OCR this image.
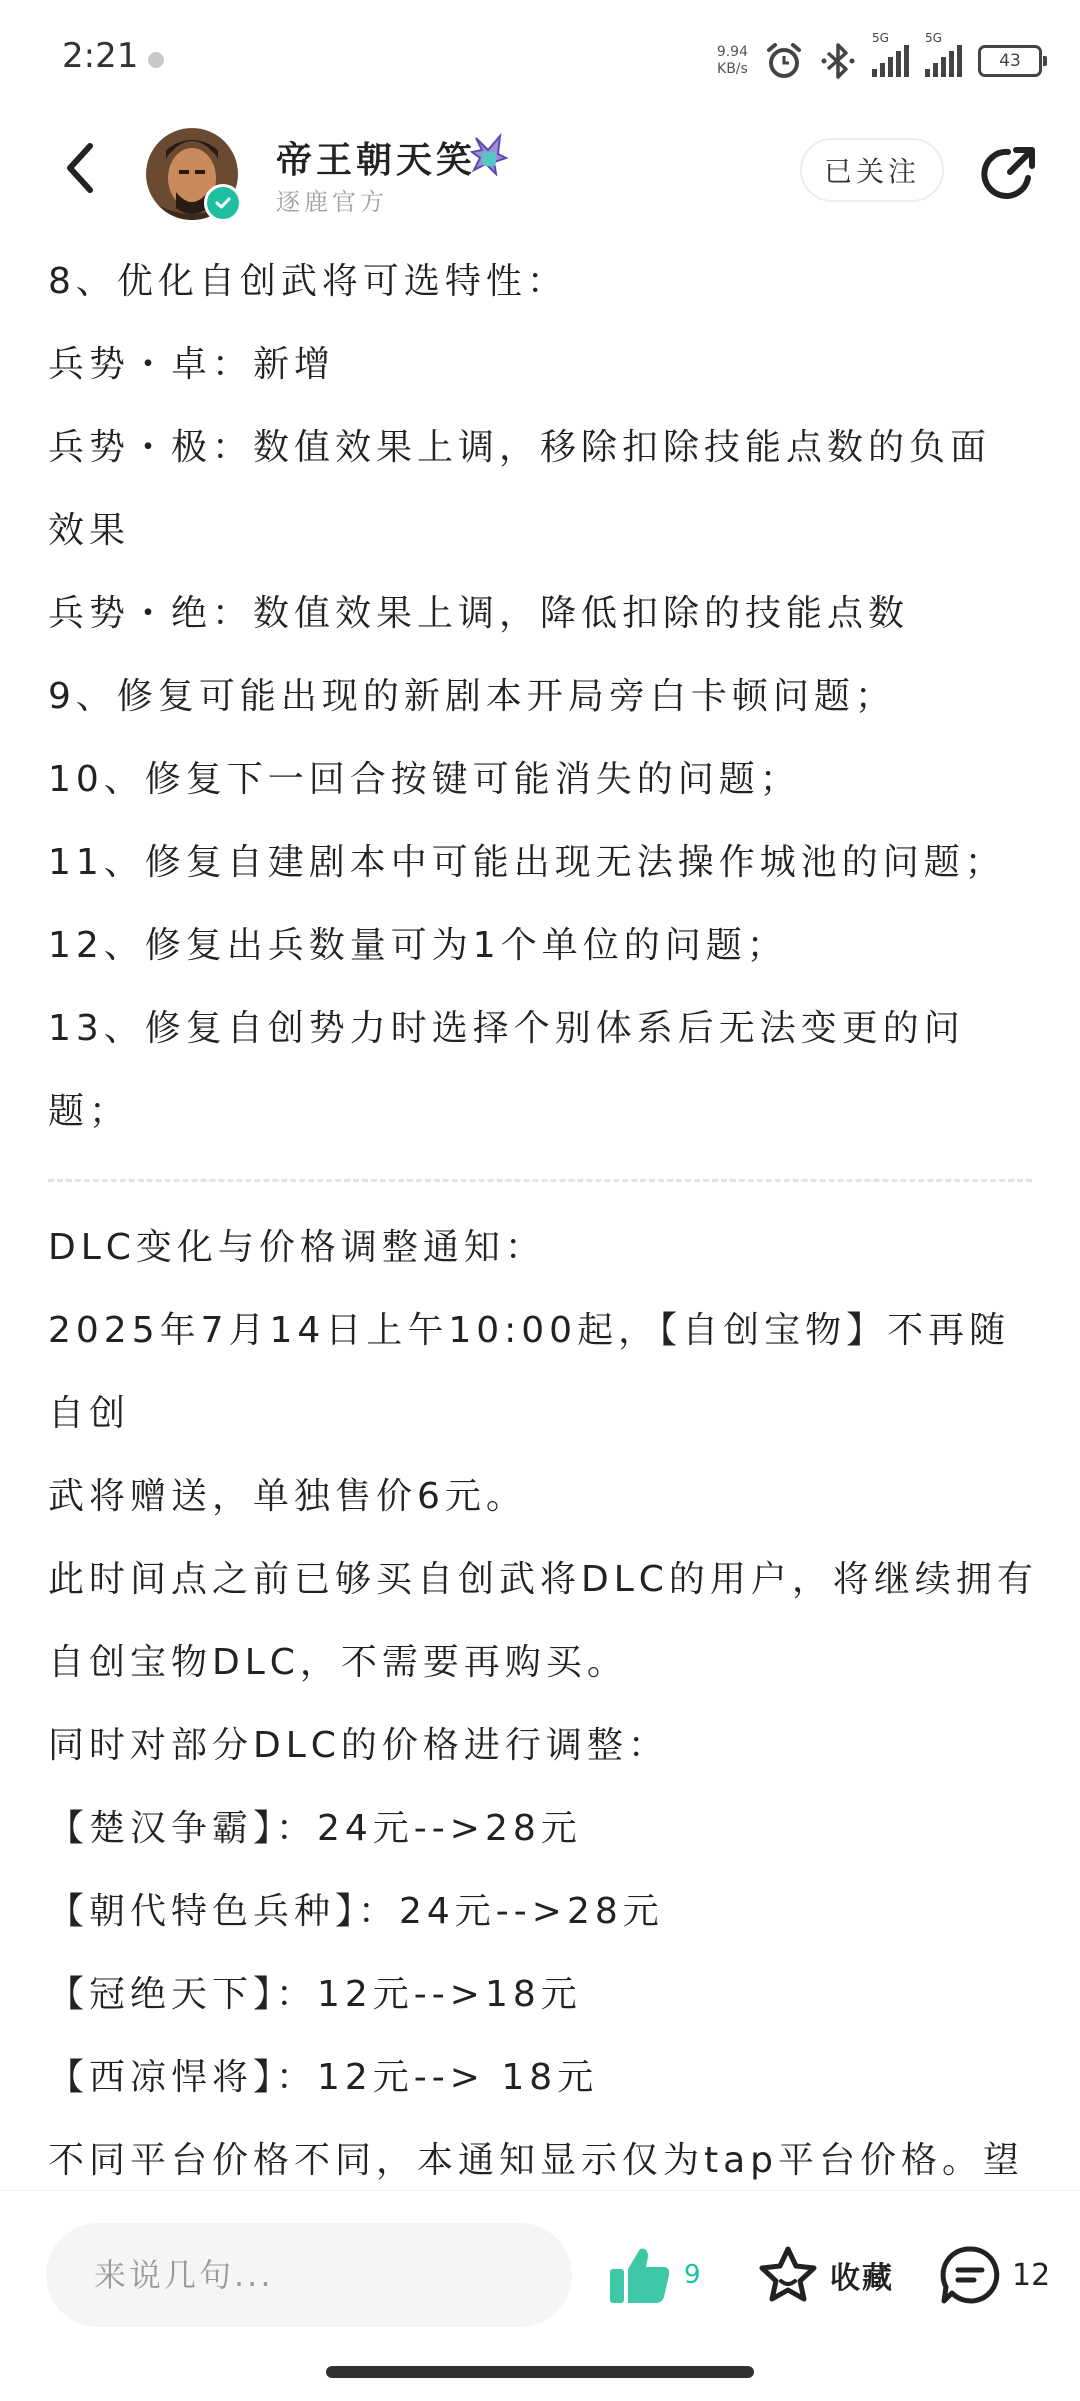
2:21	9.94
KB/s
5G	5G
43
帝王朝天笑
逐鹿官方
已关注
8、优化自创武将可选特性：
兵势・卓：新增
兵势・极：数值效果上调，移除扣除技能点数的负面
效果
兵势・绝：数值效果上调，降低扣除的技能点数
9、修复可能出现的新剧本开局旁白卡顿问题；
10、修复下一回合按键可能消失的问题；
11、修复自建剧本中可能出现无法操作城池的问题；
12、修复出兵数量可为1个单位的问题；
13、修复自创势力时选择个别体系后无法变更的问
题；
DLC变化与价格调整通知：
2025年7月14日上午10:00起，【自创宝物】不再随自创
武将赠送，单独售价6元。
此时间点之前已够买自创武将DLC的用户，将继续拥有
自创宝物DLC，不需要再购买。
同时对部分DLC的价格进行调整：
【楚汉争霸】：24元-->28元
【朝代特色兵种】：24元-->28元
【冠绝天下】：12元-->18元
【西凉悍将】：12元--> 18元
不同平台价格不同，本通知显示仅为tap平台价格。望

来说几句...
9	收藏	12
